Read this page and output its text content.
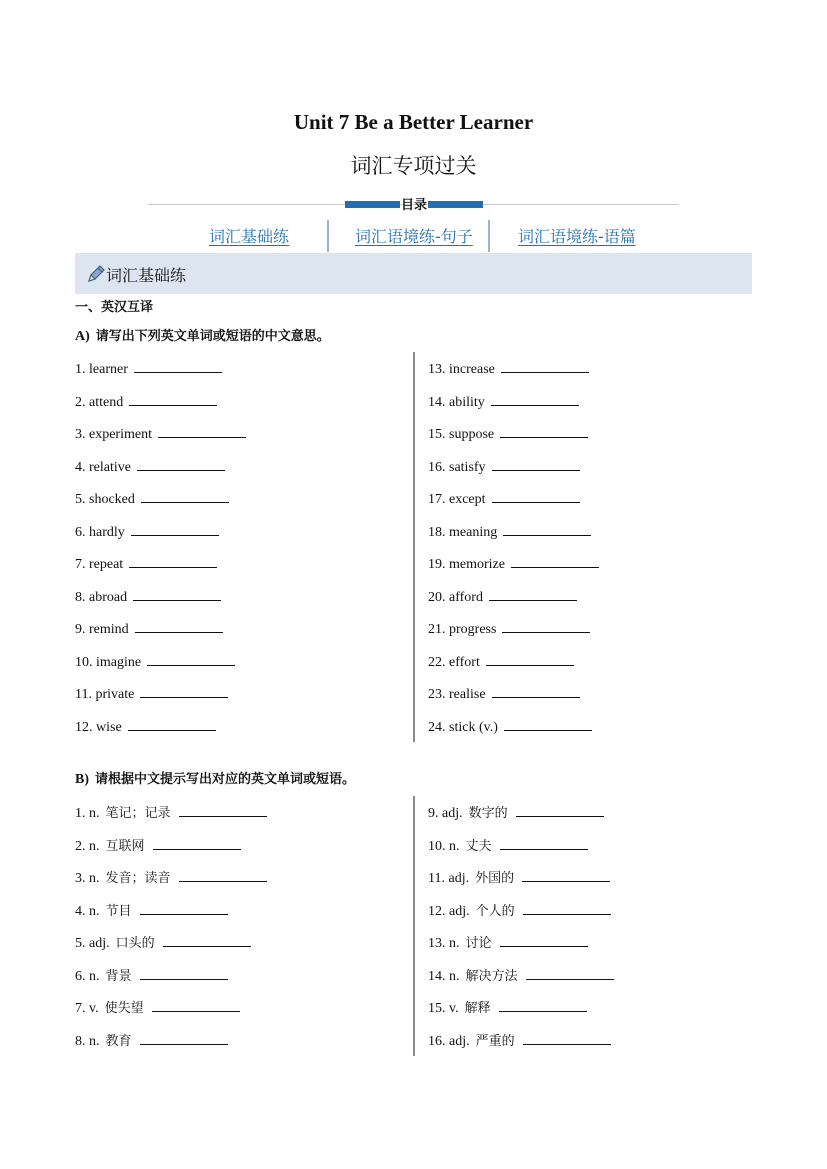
Unit 7 Be a Better Learner
词汇专项过关
目录
词汇基础练	词汇语境练-句子	词汇语境练-语篇
词汇基础练
一、英汉互译
A) 请写出下列英文单词或短语的中文意思。
1. learner
2. attend
3. experiment
4. relative
5. shocked
6. hardly
7. repeat
8. abroad
9. remind
10. imagine
11. private
12. wise
13. increase
14. ability
15. suppose
16. satisfy
17. except
18. meaning
19. memorize
20. afford
21. progress
22. effort
23. realise
24. stick (v.)
B) 请根据中文提示写出对应的英文单词或短语。
1. n. 笔记；记录
2. n. 互联网
3. n. 发音；读音
4. n. 节目
5. adj. 口头的
6. n. 背景
7. v. 使失望
8. n. 教育
9. adj. 数字的
10. n. 丈夫
11. adj. 外国的
12. adj. 个人的
13. n. 讨论
14. n. 解决方法
15. v. 解释
16. adj. 严重的
